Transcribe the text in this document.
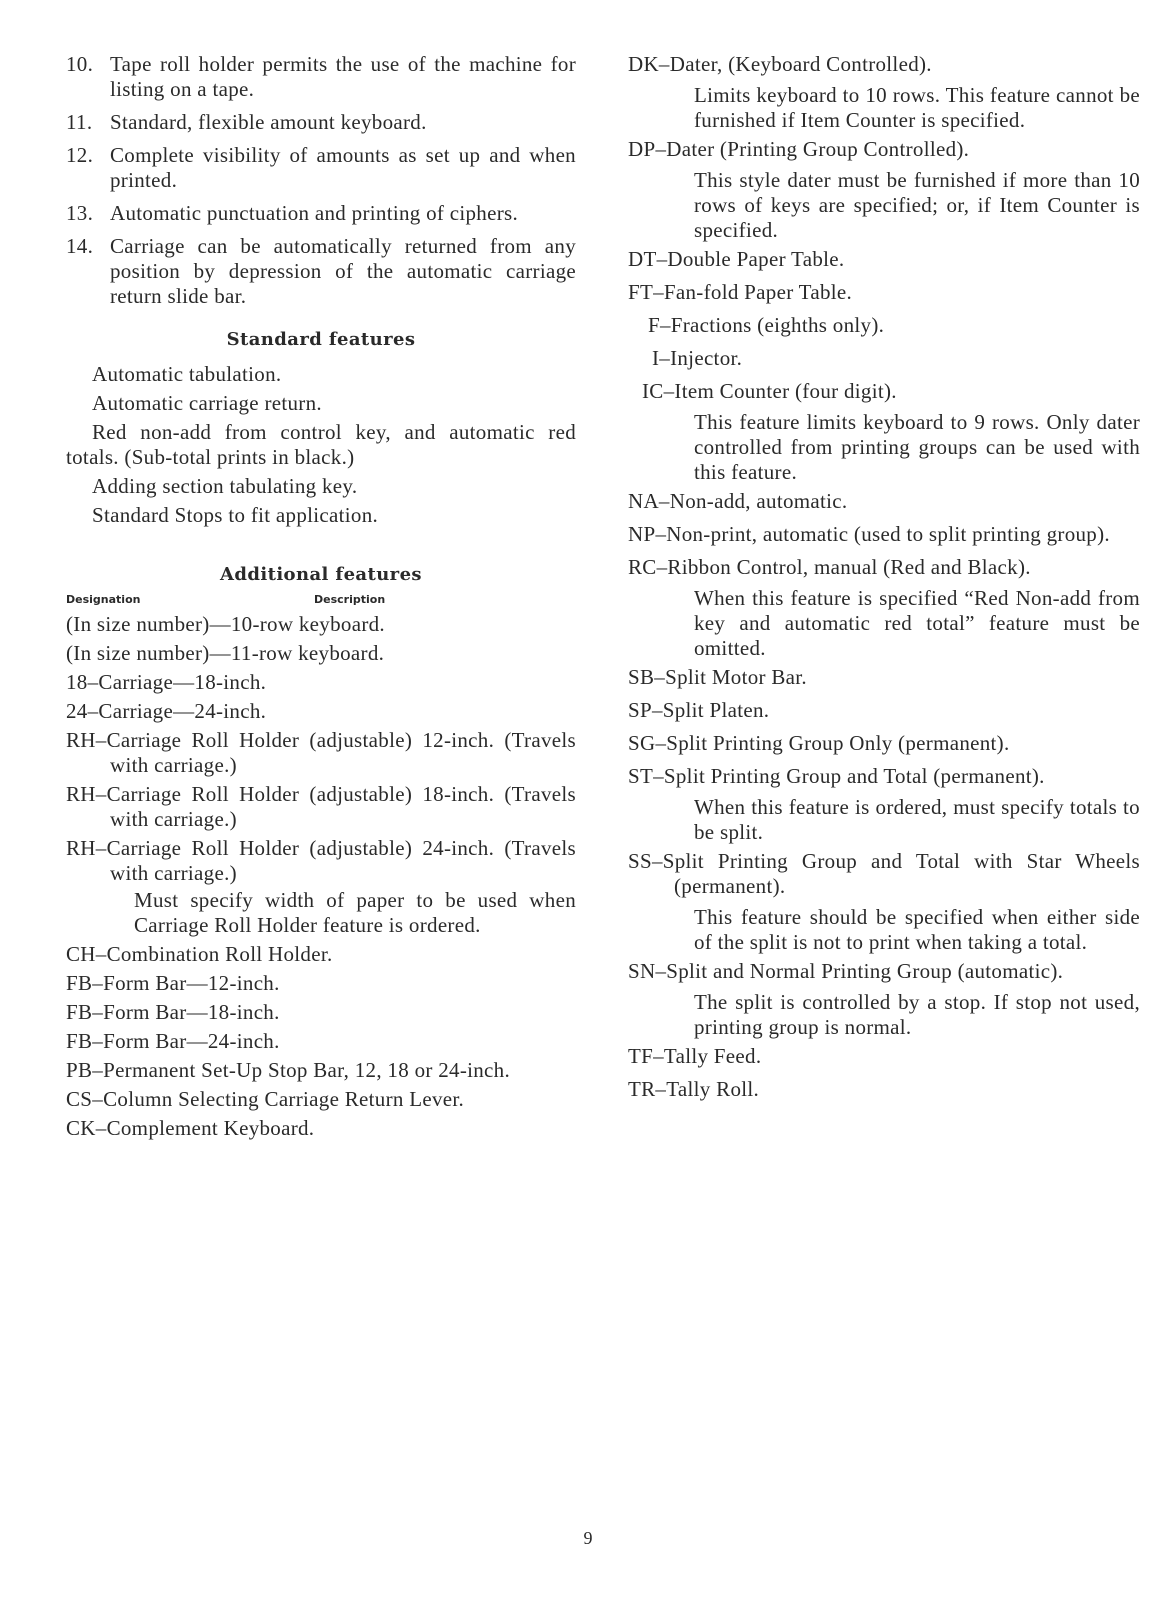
10. Tape roll holder permits the use of the machine for listing on a tape.
11. Standard, flexible amount keyboard.
12. Complete visibility of amounts as set up and when printed.
13. Automatic punctuation and printing of ciphers.
14. Carriage can be automatically returned from any position by depression of the automatic carriage return slide bar.
Standard features
Automatic tabulation.
Automatic carriage return.
Red non-add from control key, and automatic red totals. (Sub-total prints in black.)
Adding section tabulating key.
Standard Stops to fit application.
Additional features
Designation	Description
(In size number)—10-row keyboard.
(In size number)—11-row keyboard.
18–Carriage—18-inch.
24–Carriage—24-inch.
RH–Carriage Roll Holder (adjustable) 12-inch. (Travels with carriage.)
RH–Carriage Roll Holder (adjustable) 18-inch. (Travels with carriage.)
RH–Carriage Roll Holder (adjustable) 24-inch. (Travels with carriage.)
Must specify width of paper to be used when Carriage Roll Holder feature is ordered.
CH–Combination Roll Holder.
FB–Form Bar—12-inch.
FB–Form Bar—18-inch.
FB–Form Bar—24-inch.
PB–Permanent Set-Up Stop Bar, 12, 18 or 24-inch.
CS–Column Selecting Carriage Return Lever.
CK–Complement Keyboard.
DK–Dater, (Keyboard Controlled).
Limits keyboard to 10 rows. This feature cannot be furnished if Item Counter is specified.
DP–Dater (Printing Group Controlled).
This style dater must be furnished if more than 10 rows of keys are specified; or, if Item Counter is specified.
DT–Double Paper Table.
FT–Fan-fold Paper Table.
F–Fractions (eighths only).
I–Injector.
IC–Item Counter (four digit).
This feature limits keyboard to 9 rows. Only dater controlled from printing groups can be used with this feature.
NA–Non-add, automatic.
NP–Non-print, automatic (used to split printing group).
RC–Ribbon Control, manual (Red and Black).
When this feature is specified “Red Non-add from key and automatic red total” feature must be omitted.
SB–Split Motor Bar.
SP–Split Platen.
SG–Split Printing Group Only (permanent).
ST–Split Printing Group and Total (permanent).
When this feature is ordered, must specify totals to be split.
SS–Split Printing Group and Total with Star Wheels (permanent).
This feature should be specified when either side of the split is not to print when taking a total.
SN–Split and Normal Printing Group (automatic).
The split is controlled by a stop. If stop not used, printing group is normal.
TF–Tally Feed.
TR–Tally Roll.
9
